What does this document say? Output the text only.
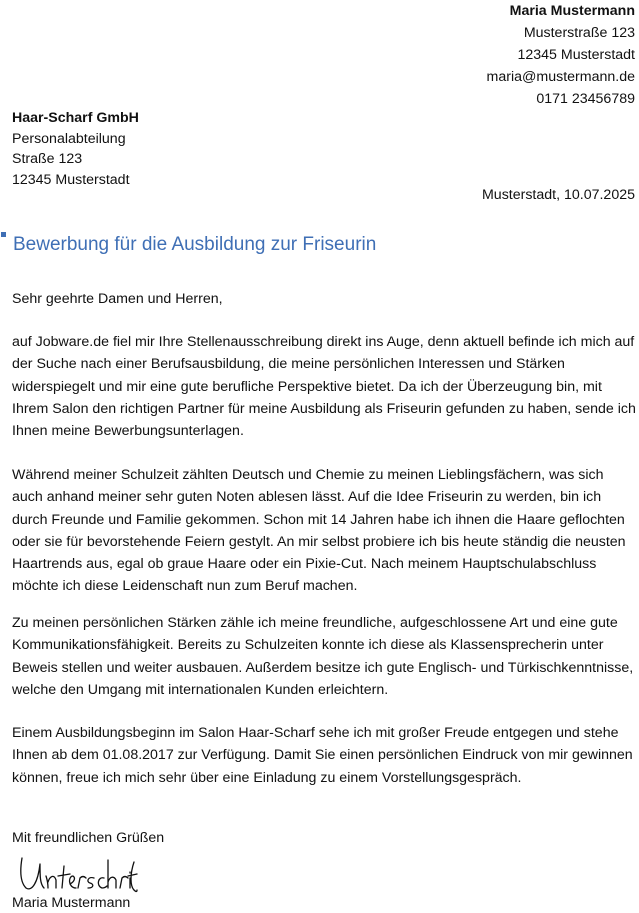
Maria Mustermann
Musterstraße 123
12345 Musterstadt
maria@mustermann.de
0171 23456789
Haar-Scharf GmbH
Personalabteilung
Straße 123
12345 Musterstadt
Musterstadt, 10.07.2025
Bewerbung für die Ausbildung zur Friseurin
Sehr geehrte Damen und Herren,

auf Jobware.de fiel mir Ihre Stellenausschreibung direkt ins Auge, denn aktuell befinde ich mich auf der Suche nach einer Berufsausbildung, die meine persönlichen Interessen und Stärken widerspiegelt und mir eine gute berufliche Perspektive bietet. Da ich der Überzeugung bin, mit Ihrem Salon den richtigen Partner für meine Ausbildung als Friseurin gefunden zu haben, sende ich Ihnen meine Bewerbungsunterlagen.

Während meiner Schulzeit zählten Deutsch und Chemie zu meinen Lieblingsfächern, was sich auch anhand meiner sehr guten Noten ablesen lässt. Auf die Idee Friseurin zu werden, bin ich durch Freunde und Familie gekommen. Schon mit 14 Jahren habe ich ihnen die Haare geflochten oder sie für bevorstehende Feiern gestylt. An mir selbst probiere ich bis heute ständig die neusten Haartrends aus, egal ob graue Haare oder ein Pixie-Cut. Nach meinem Hauptschulabschluss möchte ich diese Leidenschaft nun zum Beruf machen.

Zu meinen persönlichen Stärken zähle ich meine freundliche, aufgeschlossene Art und eine gute Kommunikationsfähigkeit. Bereits zu Schulzeiten konnte ich diese als Klassensprecherin unter Beweis stellen und weiter ausbauen. Außerdem besitze ich gute Englisch- und Türkischkenntnisse, welche den Umgang mit internationalen Kunden erleichtern.

Einem Ausbildungsbeginn im Salon Haar-Scharf sehe ich mit großer Freude entgegen und stehe Ihnen ab dem 01.08.2017 zur Verfügung. Damit Sie einen persönlichen Eindruck von mir gewinnen können, freue ich mich sehr über eine Einladung zu einem Vorstellungsgespräch.

Mit freundlichen Grüßen
Maria Mustermann
